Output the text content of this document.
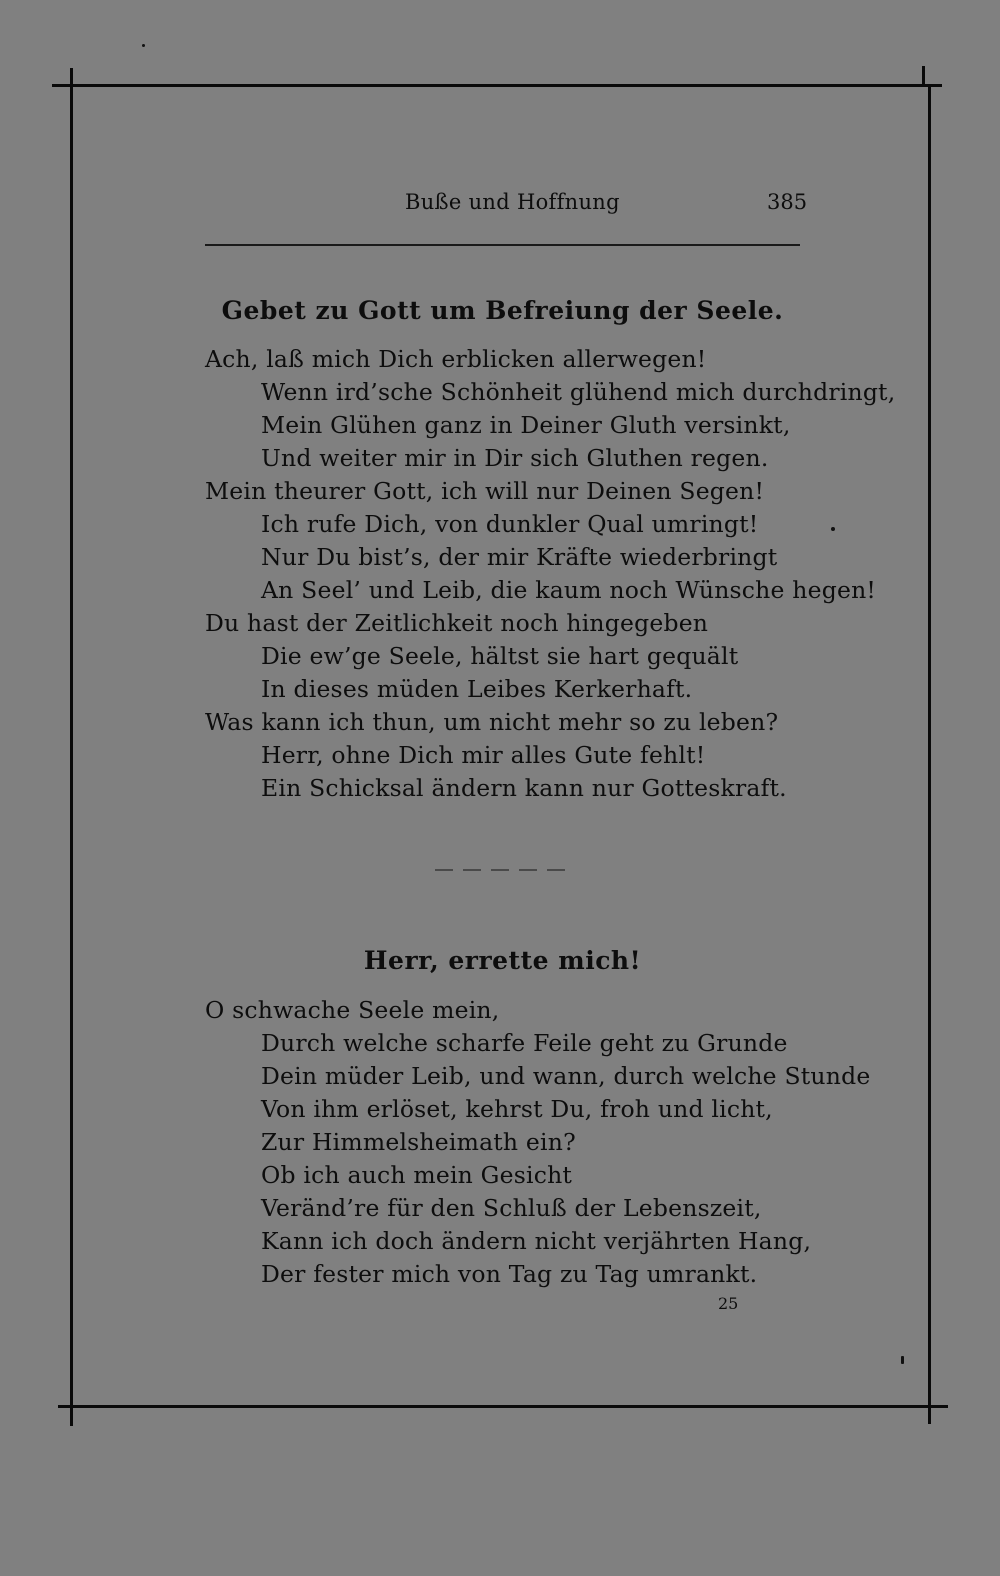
Buße und Hoffnung	385
Gebet zu Gott um Befreiung der Seele.
Ach, laß mich Dich erblicken allerwegen!
Wenn ird’sche Schönheit glühend mich durchdringt,
Mein Glühen ganz in Deiner Gluth versinkt,
Und weiter mir in Dir sich Gluthen regen.
Mein theurer Gott, ich will nur Deinen Segen!
Ich rufe Dich, von dunkler Qual umringt!
Nur Du bist’s, der mir Kräfte wiederbringt
An Seel’ und Leib, die kaum noch Wünsche hegen!
Du hast der Zeitlichkeit noch hingegeben
Die ew’ge Seele, hältst sie hart gequält
In dieses müden Leibes Kerkerhaft.
Was kann ich thun, um nicht mehr so zu leben?
Herr, ohne Dich mir alles Gute fehlt!
Ein Schicksal ändern kann nur Gotteskraft.
Herr, errette mich!
O schwache Seele mein,
Durch welche scharfe Feile geht zu Grunde
Dein müder Leib, und wann, durch welche Stunde
Von ihm erlöset, kehrst Du, froh und licht,
Zur Himmelsheimath ein?
Ob ich auch mein Gesicht
Veränd’re für den Schluß der Lebenszeit,
Kann ich doch ändern nicht verjährten Hang,
Der fester mich von Tag zu Tag umrankt.
25
